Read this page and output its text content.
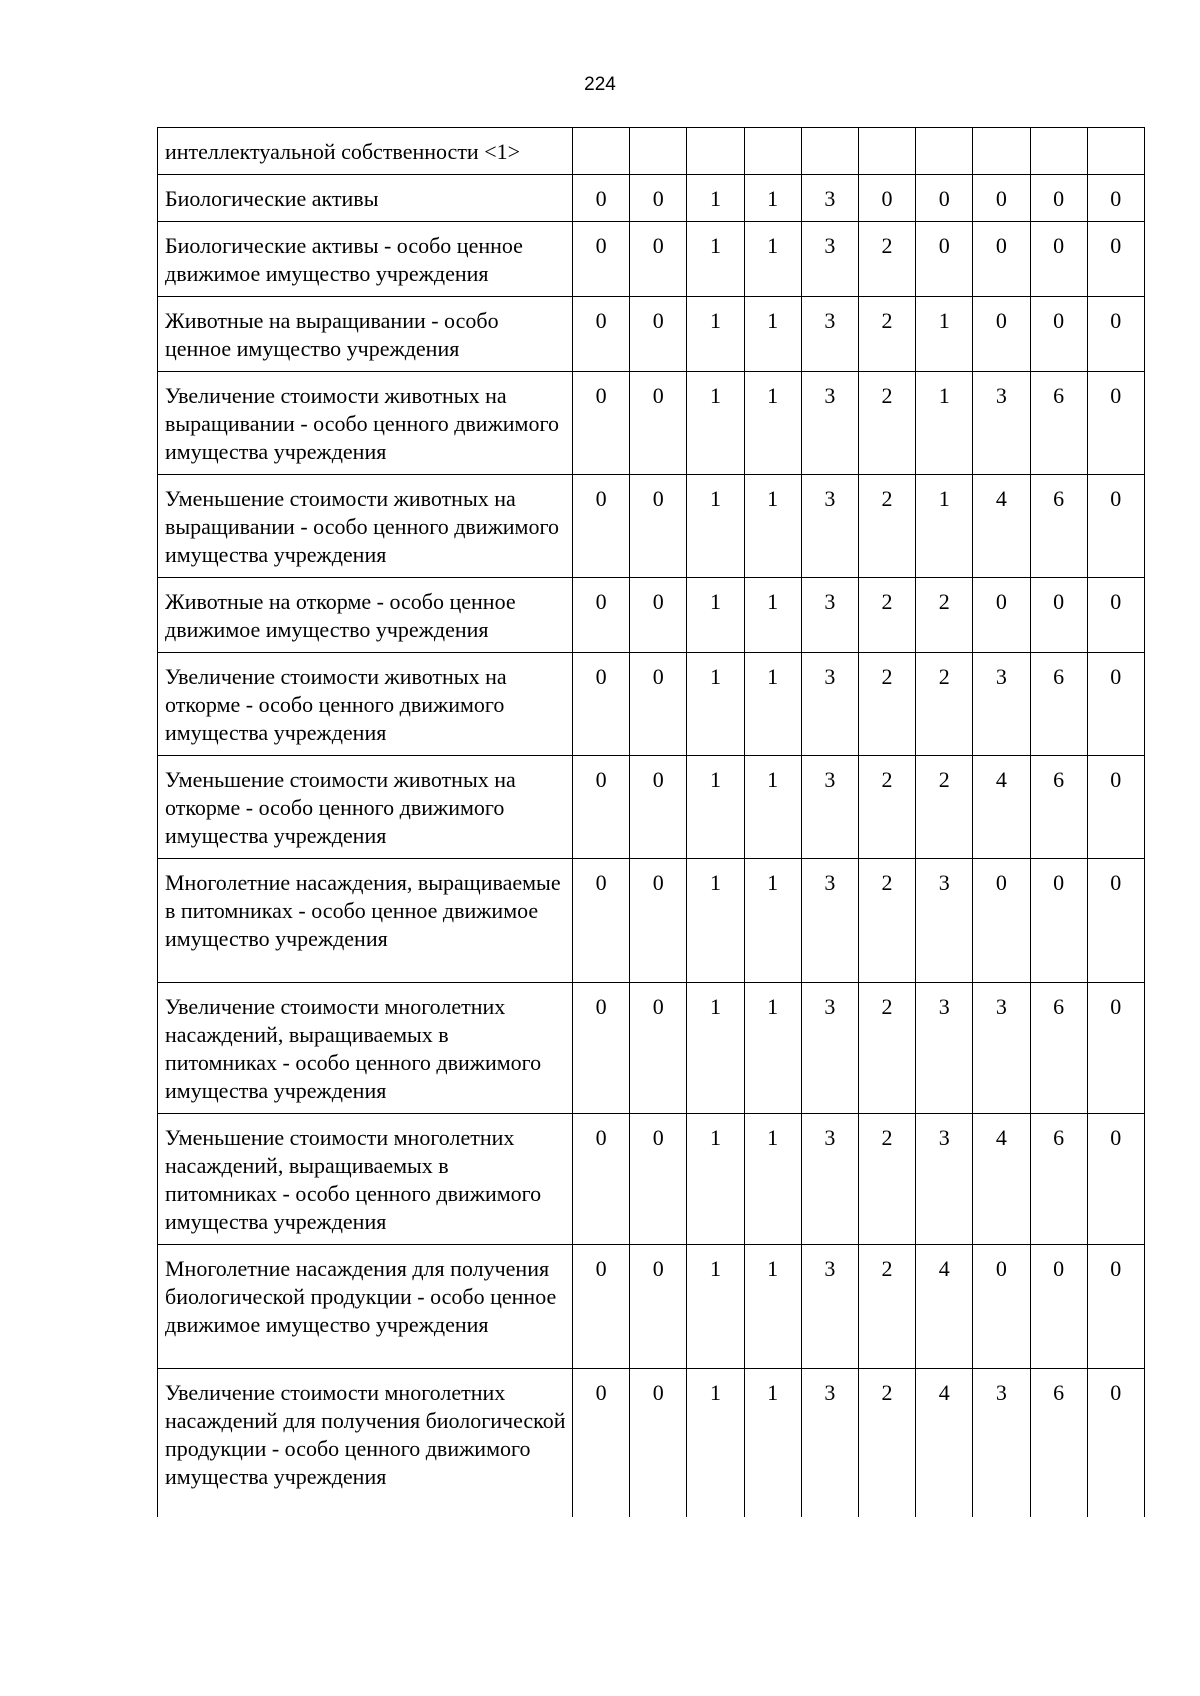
224
интеллектуальной собственности <1>										
Биологические активы	0	0	1	1	3	0	0	0	0	0
Биологические активы - особо ценное движимое имущество учреждения	0	0	1	1	3	2	0	0	0	0
Животные на выращивании - особо ценное имущество учреждения	0	0	1	1	3	2	1	0	0	0
Увеличение стоимости животных на выращивании - особо ценного движимого имущества учреждения	0	0	1	1	3	2	1	3	6	0
Уменьшение стоимости животных на выращивании - особо ценного движимого имущества учреждения	0	0	1	1	3	2	1	4	6	0
Животные на откорме - особо ценное движимое имущество учреждения	0	0	1	1	3	2	2	0	0	0
Увеличение стоимости животных на откорме - особо ценного движимого имущества учреждения	0	0	1	1	3	2	2	3	6	0
Уменьшение стоимости животных на откорме - особо ценного движимого имущества учреждения	0	0	1	1	3	2	2	4	6	0
Многолетние насаждения, выращиваемые в питомниках - особо ценное движимое имущество учреждения	0	0	1	1	3	2	3	0	0	0
Увеличение стоимости многолетних насаждений, выращиваемых в питомниках - особо ценного движимого имущества учреждения	0	0	1	1	3	2	3	3	6	0
Уменьшение стоимости многолетних насаждений, выращиваемых в питомниках - особо ценного движимого имущества учреждения	0	0	1	1	3	2	3	4	6	0
Многолетние насаждения для получения биологической продукции - особо ценное движимое имущество учреждения	0	0	1	1	3	2	4	0	0	0
Увеличение стоимости многолетних насаждений для получения биологической продукции - особо ценного движимого имущества учреждения	0	0	1	1	3	2	4	3	6	0
